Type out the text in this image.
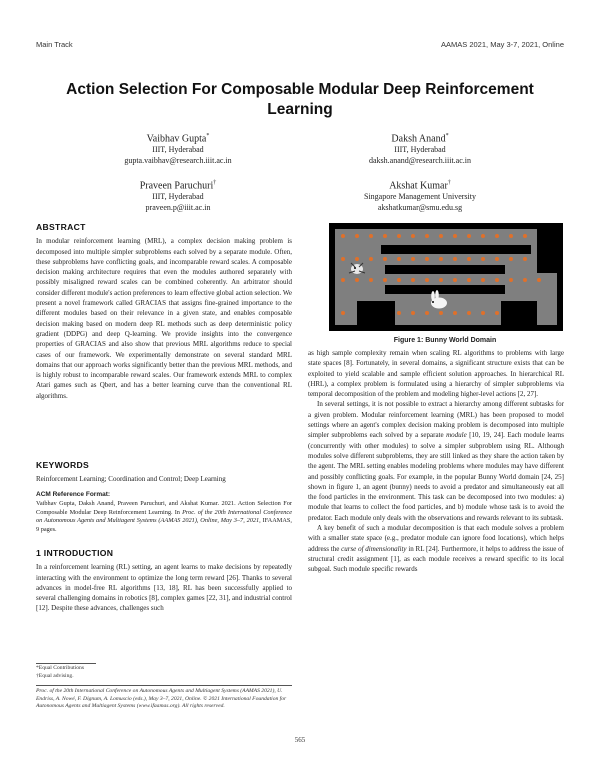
Main Track	AAMAS 2021, May 3-7, 2021, Online
Action Selection For Composable Modular Deep Reinforcement Learning
Vaibhav Gupta*
IIIT, Hyderabad
gupta.vaibhav@research.iiit.ac.in
Daksh Anand*
IIIT, Hyderabad
daksh.anand@research.iiit.ac.in
Praveen Paruchuri†
IIIT, Hyderabad
praveen.p@iiit.ac.in
Akshat Kumar†
Singapore Management University
akshatkumar@smu.edu.sg
ABSTRACT

In modular reinforcement learning (MRL), a complex decision making problem is decomposed into multiple simpler subproblems each solved by a separate module. Often, these subproblems have conflicting goals, and incomparable reward scales. A composable decision making architecture requires that even the modules authored separately with possibly misaligned reward scales can be combined coherently. An arbitrator should consider different module's action preferences to learn effective global action selection. We present a novel framework called GRACIAS that assigns fine-grained importance to the different modules based on their relevance in a given state, and enables composable decision making based on modern deep RL methods such as deep deterministic policy gradient (DDPG) and deep Q-learning. We provide insights into the convergence properties of GRACIAS and also show that previous MRL algorithms reduce to special cases of our framework. We experimentally demonstrate on several standard MRL domains that our approach works significantly better than the previous MRL methods, and is highly robust to incomparable reward scales. Our framework extends MRL to complex Atari games such as Qbert, and has a better learning curve than the conventional RL algorithms.

KEYWORDS

Reinforcement Learning; Coordination and Control; Deep Learning

ACM Reference Format:

Vaibhav Gupta, Daksh Anand, Praveen Paruchuri, and Akshat Kumar. 2021. Action Selection For Composable Modular Deep Reinforcement Learning. In Proc. of the 20th International Conference on Autonomous Agents and Multiagent Systems (AAMAS 2021), Online, May 3–7, 2021, IFAAMAS, 9 pages.

1 INTRODUCTION

In a reinforcement learning (RL) setting, an agent learns to make decisions by repeatedly interacting with the environment to optimize the long term reward [26]. Thanks to several advances in model-free RL algorithms [13, 18], RL has been successfully applied to several challenging domains in robotics [8], complex games [22, 31], and industrial control [12]. Despite these advances, challenges such

*Equal Contributions
†Equal advising.
Proc. of the 20th International Conference on Autonomous Agents and Multiagent Systems (AAMAS 2021), U. Endriss, A. Nowé, F. Dignum, A. Lomuscio (eds.), May 3–7, 2021, Online. © 2021 International Foundation for Autonomous Agents and Multiagent Systems (www.ifaamas.org). All rights reserved.
Figure 1: Bunny World Domain

as high sample complexity remain when scaling RL algorithms to problems with large state spaces [8]. Fortunately, in several domains, a significant structure exists that can be exploited to yield scalable and sample efficient solution approaches. In hierarchical RL (HRL), a complex problem is formulated using a hierarchy of simpler subproblems via temporal decomposition of the problem and modeling higher-level actions [2, 27].

In several settings, it is not possible to extract a hierarchy among different subtasks for a given problem. Modular reinforcement learning (MRL) has been proposed to model settings where an agent's complex decision making problem is decomposed into multiple simpler subproblems each solved by a separate module [10, 19, 24]. Each module learns (concurrently with other modules) to solve a simpler subproblem using RL. Although modules solve different subproblems, they are still linked as they share the action taken by the agent. The MRL setting enables modeling problems where modules may have different and possibly conflicting goals. For example, in the popular Bunny World domain [24, 25] shown in figure 1, an agent (bunny) needs to avoid a predator and simultaneously eat all the food particles in the environment. This task can be decomposed into two modules: a) module that learns to collect the food particles, and b) module whose task is to avoid the predator. Each module only deals with the observations and rewards relevant to its subtask.

A key benefit of such a modular decomposition is that each module solves a problem with a smaller state space (e.g., predator module can ignore food locations), which helps address the curse of dimensionality in RL [24]. Furthermore, it helps to address the issue of structural credit assignment [1], as each module receives a reward specific to its local subgoal. Such module specific rewards

565
